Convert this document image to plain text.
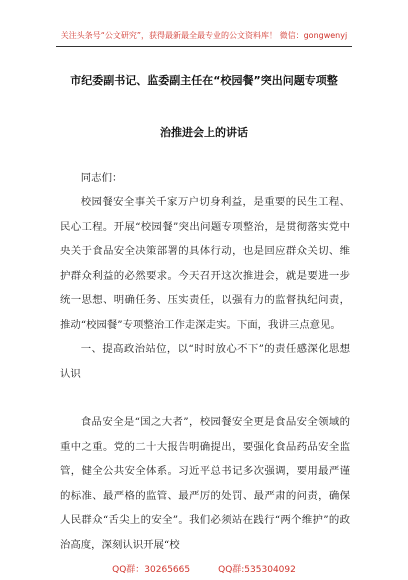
关注头条号“公文研究”，获得最新最全最专业的公文资料库！ 微信：gongwenyj
市纪委副书记、监委副主任在“校园餐”突出问题专项整
治推进会上的讲话

同志们：

校园餐安全事关千家万户切身利益，是重要的民生工程、民心工程。开展“校园餐”突出问题专项整治，是贯彻落实党中央关于食品安全决策部署的具体行动，也是回应群众关切、维护群众利益的必然要求。今天召开这次推进会，就是要进一步统一思想、明确任务、压实责任，以强有力的监督执纪问责，推动“校园餐”专项整治工作走深走实。下面，我讲三点意见。

一、提高政治站位，以“时时放心不下”的责任感深化思想认识

食品安全是“国之大者”，校园餐安全更是食品安全领域的重中之重。党的二十大报告明确提出，要强化食品药品安全监管，健全公共安全体系。习近平总书记多次强调，要用最严谨的标准、最严格的监管、最严厉的处罚、最严肃的问责，确保人民群众“舌尖上的安全”。我们必须站在践行“两个维护”的政治高度，深刻认识开展“校

QQ群：30265665	QQ群:535304092
